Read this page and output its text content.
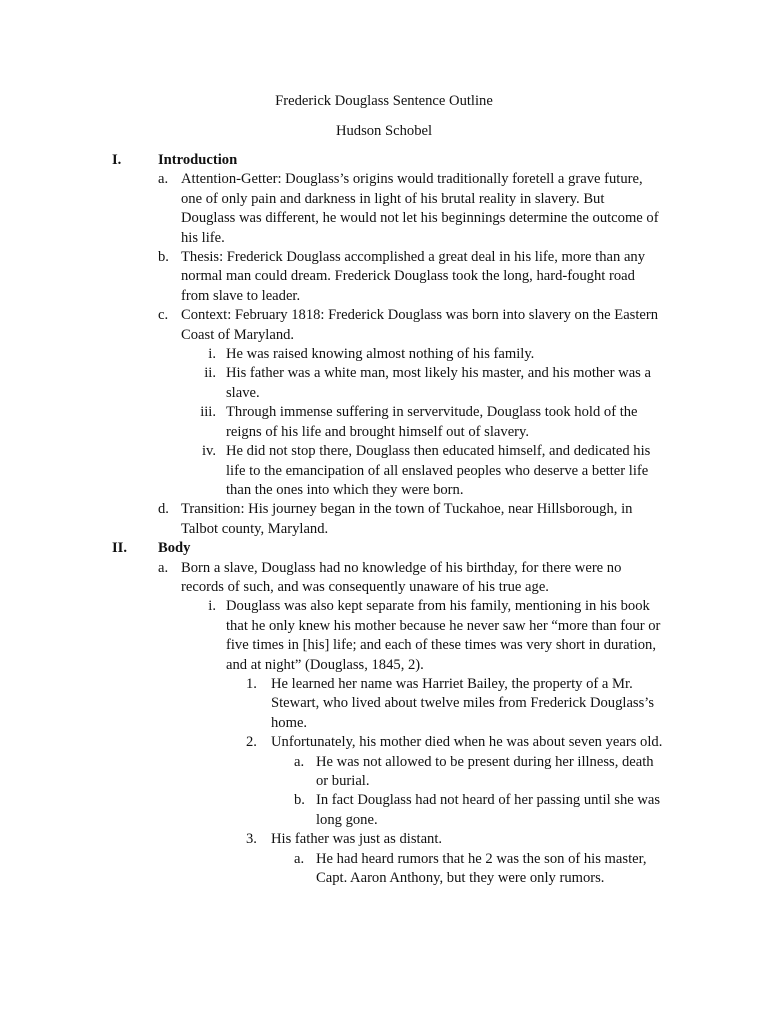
Frederick Douglass Sentence Outline
Hudson Schobel
I.	Introduction
a. Attention-Getter: Douglass’s origins would traditionally foretell a grave future, one of only pain and darkness in light of his brutal reality in slavery. But Douglass was different, he would not let his beginnings determine the outcome of his life.
b. Thesis: Frederick Douglass accomplished a great deal in his life, more than any normal man could dream. Frederick Douglass took the long, hard-fought road from slave to leader.
c. Context: February 1818: Frederick Douglass was born into slavery on the Eastern Coast of Maryland.
i. He was raised knowing almost nothing of his family.
ii. His father was a white man, most likely his master, and his mother was a slave.
iii. Through immense suffering in servervitude, Douglass took hold of the reigns of his life and brought himself out of slavery.
iv. He did not stop there, Douglass then educated himself, and dedicated his life to the emancipation of all enslaved peoples who deserve a better life than the ones into which they were born.
d. Transition: His journey began in the town of Tuckahoe, near Hillsborough, in Talbot county, Maryland.
II. Body
a. Born a slave, Douglass had no knowledge of his birthday, for there were no records of such, and was consequently unaware of his true age.
i. Douglass was also kept separate from his family, mentioning in his book that he only knew his mother because he never saw her “more than four or five times in [his] life; and each of these times was very short in duration, and at night” (Douglass, 1845, 2).
1. He learned her name was Harriet Bailey, the property of a Mr. Stewart, who lived about twelve miles from Frederick Douglass’s home.
2. Unfortunately, his mother died when he was about seven years old.
a. He was not allowed to be present during her illness, death or burial.
b. In fact Douglass had not heard of her passing until she was long gone.
3. His father was just as distant.
a. He had heard rumors that he 2 was the son of his master, Capt. Aaron Anthony, but they were only rumors.
